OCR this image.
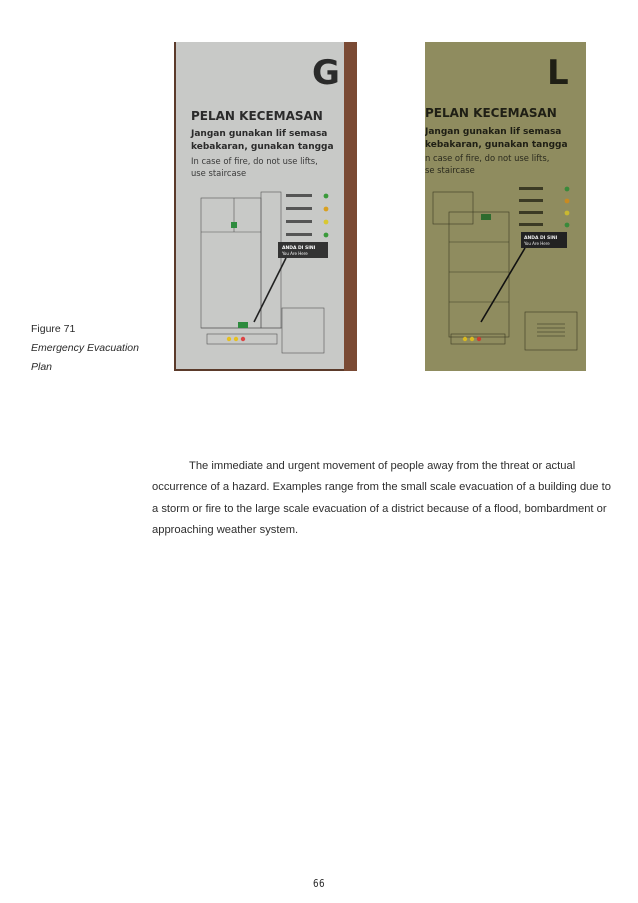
Figure 71
Emergency Evacuation Plan
G
PELAN KECEMASAN
Jangan gunakan lif semasa
kebakaran, gunakan tangga
In case of fire, do not use lifts,
use staircase
ANDA DI SINI
You Are Here
L
PELAN KECEMASAN
Jangan gunakan lif semasa
kebakaran, gunakan tangga
n case of fire, do not use lifts,
se staircase
ANDA DI SINI
You Are Here

The immediate and urgent movement of people away from the threat or actual occurrence of a hazard. Examples range from the small scale evacuation of a building due to a storm or fire to the large scale evacuation of a district because of a flood, bombardment or approaching weather system.

66
